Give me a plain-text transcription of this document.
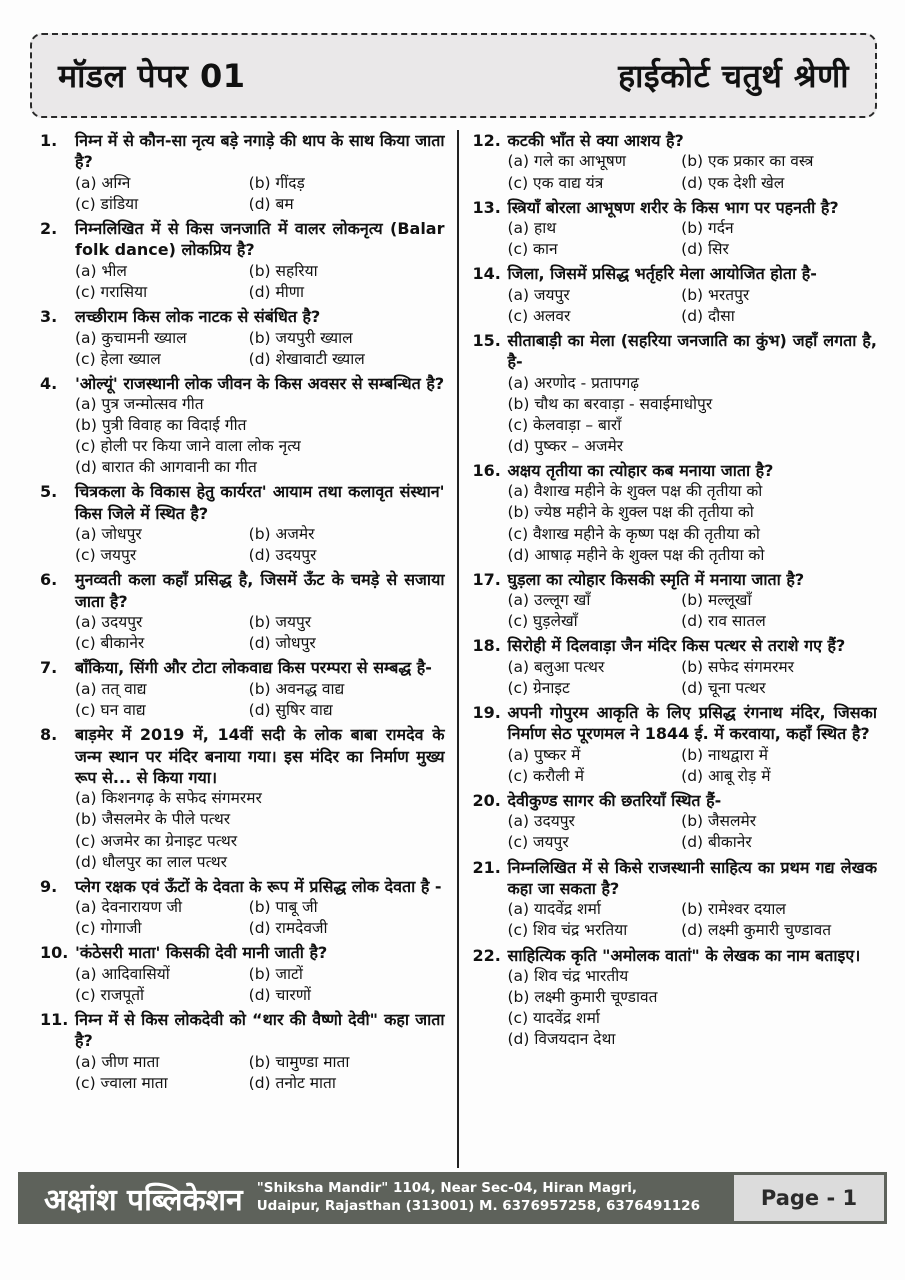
मॉडल पेपर 01	हाईकोर्ट चतुर्थ श्रेणी
1.	निम्न में से कौन-सा नृत्य बड़े नगाड़े की थाप के साथ किया जाता है?
(a) अग्नि	(b) गींदड़
(c) डांडिया	(d) बम
2.	निम्नलिखित में से किस जनजाति में वालर लोकनृत्य (Balar folk dance) लोकप्रिय है?
(a) भील	(b) सहरिया
(c) गरासिया	(d) मीणा
3.	लच्छीराम किस लोक नाटक से संबंधित है?
(a) कुचामनी ख्याल	(b) जयपुरी ख्याल
(c) हेला ख्याल	(d) शेखावाटी ख्याल
4.	'ओल्यूं' राजस्थानी लोक जीवन के किस अवसर से सम्बन्धित है?
(a) पुत्र जन्मोत्सव गीत
(b) पुत्री विवाह का विदाई गीत
(c) होली पर किया जाने वाला लोक नृत्य
(d) बारात की आगवानी का गीत
5.	चित्रकला के विकास हेतु कार्यरत' आयाम तथा कलावृत संस्थान' किस जिले में स्थित है?
(a) जोधपुर	(b) अजमेर
(c) जयपुर	(d) उदयपुर
6.	मुनव्वती कला कहाँ प्रसिद्ध है, जिसमें ऊँट के चमड़े से सजाया जाता है?
(a) उदयपुर	(b) जयपुर
(c) बीकानेर	(d) जोधपुर
7.	बाँकिया, सिंगी और टोटा लोकवाद्य किस परम्परा से सम्बद्ध है-
(a) तत् वाद्य	(b) अवनद्ध वाद्य
(c) घन वाद्य	(d) सुषिर वाद्य
8.	बाड़मेर में 2019 में, 14वीं सदी के लोक बाबा रामदेव के जन्म स्थान पर मंदिर बनाया गया। इस मंदिर का निर्माण मुख्य रूप से... से किया गया।
(a) किशनगढ़ के सफेद संगमरमर
(b) जैसलमेर के पीले पत्थर
(c) अजमेर का ग्रेनाइट पत्थर
(d) धौलपुर का लाल पत्थर
9.	प्लेग रक्षक एवं ऊँटों के देवता के रूप में प्रसिद्ध लोक देवता है -
(a) देवनारायण जी	(b) पाबू जी
(c) गोगाजी	(d) रामदेवजी
10. 'कंठेसरी माता' किसकी देवी मानी जाती है?
(a) आदिवासियों	(b) जाटों
(c) राजपूतों	(d) चारणों
11. निम्न में से किस लोकदेवी को “थार की वैष्णो देवी" कहा जाता है?
(a) जीण माता	(b) चामुण्डा माता
(c) ज्वाला माता	(d) तनोट माता
12. कटकी भाँत से क्या आशय है?
(a) गले का आभूषण	(b) एक प्रकार का वस्त्र
(c) एक वाद्य यंत्र	(d) एक देशी खेल
13. स्त्रियाँ बोरला आभूषण शरीर के किस भाग पर पहनती है?
(a) हाथ	(b) गर्दन
(c) कान	(d) सिर
14. जिला, जिसमें प्रसिद्ध भर्तृहरि मेला आयोजित होता है-
(a) जयपुर	(b) भरतपुर
(c) अलवर	(d) दौसा
15. सीताबाड़ी का मेला (सहरिया जनजाति का कुंभ) जहाँ लगता है, है-
(a) अरणोद - प्रतापगढ़
(b) चौथ का बरवाड़ा - सवाईमाधोपुर
(c) केलवाड़ा – बाराँ
(d) पुष्कर – अजमेर
16. अक्षय तृतीया का त्योहार कब मनाया जाता है?
(a) वैशाख महीने के शुक्ल पक्ष की तृतीया को
(b) ज्येष्ठ महीने के शुक्ल पक्ष की तृतीया को
(c) वैशाख महीने के कृष्ण पक्ष की तृतीया को
(d) आषाढ़ महीने के शुक्ल पक्ष की तृतीया को
17. घुड़ला का त्योहार किसकी स्मृति में मनाया जाता है?
(a) उल्लूग खाँ	(b) मल्लूखाँ
(c) घुड़लेखाँ	(d) राव सातल
18. सिरोही में दिलवाड़ा जैन मंदिर किस पत्थर से तराशे गए हैं?
(a) बलुआ पत्थर	(b) सफेद संगमरमर
(c) ग्रेनाइट	(d) चूना पत्थर
19. अपनी गोपुरम आकृति के लिए प्रसिद्ध रंगनाथ मंदिर, जिसका निर्माण सेठ पूरणमल ने 1844 ई. में करवाया, कहाँ स्थित है?
(a) पुष्कर में	(b) नाथद्वारा में
(c) करौली में	(d) आबू रोड़ में
20. देवीकुण्ड सागर की छतरियाँ स्थित हैं-
(a) उदयपुर	(b) जैसलमेर
(c) जयपुर	(d) बीकानेर
21. निम्नलिखित में से किसे राजस्थानी साहित्य का प्रथम गद्य लेखक कहा जा सकता है?
(a) यादवेंद्र शर्मा	(b) रामेश्वर दयाल
(c) शिव चंद्र भरतिया	(d) लक्ष्मी कुमारी चुण्डावत
22. साहित्यिक कृति "अमोलक वातां" के लेखक का नाम बताइए।
(a) शिव चंद्र भारतीय
(b) लक्ष्मी कुमारी चूण्डावत
(c) यादवेंद्र शर्मा
(d) विजयदान देथा
अक्षांश पब्लिकेशन	"Shiksha Mandir" 1104, Near Sec-04, Hiran Magri,
Udaipur, Rajasthan (313001) M. 6376957258, 6376491126	Page - 1
